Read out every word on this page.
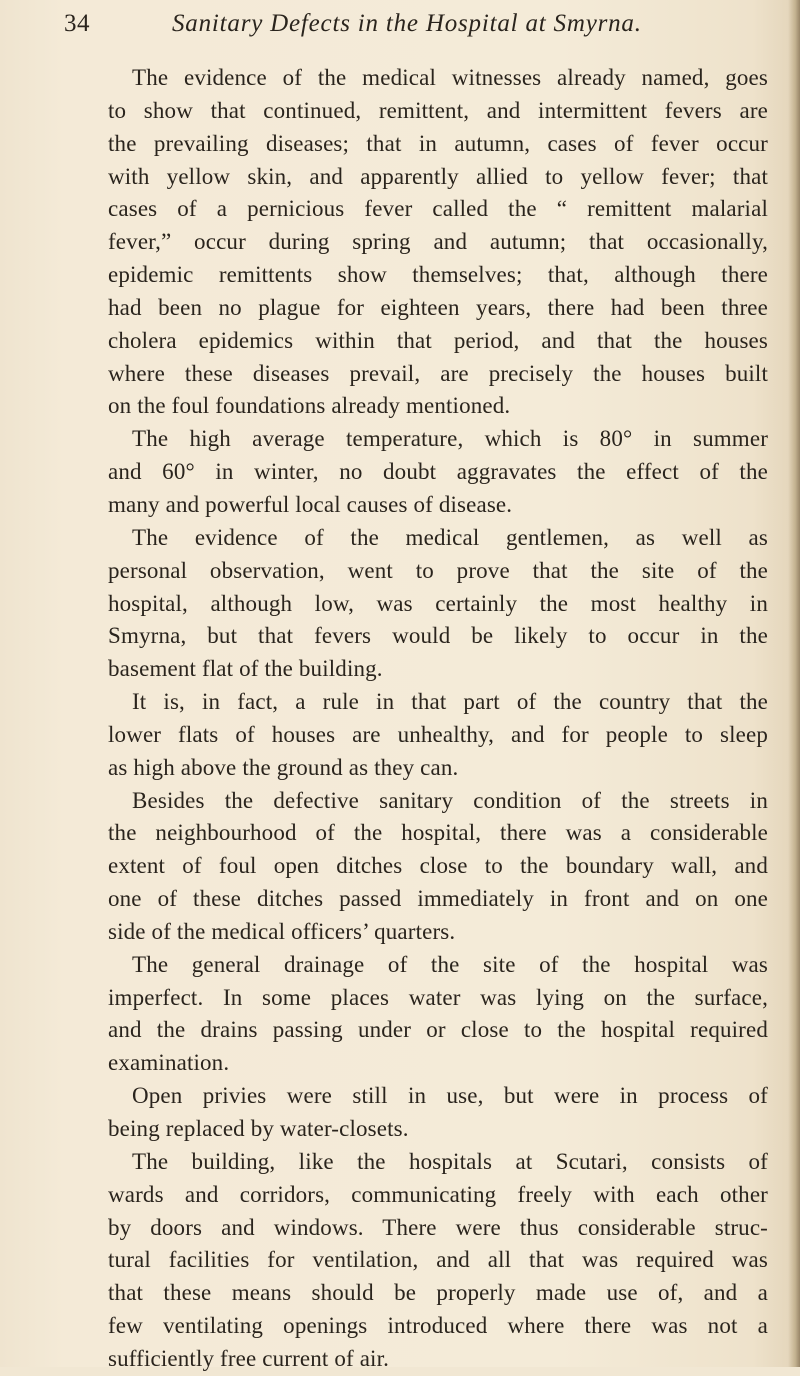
34	Sanitary Defects in the Hospital at Smyrna.
The evidence of the medical witnesses already named, goes
to show that continued, remittent, and intermittent fevers are
the prevailing diseases; that in autumn, cases of fever occur
with yellow skin, and apparently allied to yellow fever; that
cases of a pernicious fever called the “ remittent malarial
fever,” occur during spring and autumn; that occasionally,
epidemic remittents show themselves; that, although there
had been no plague for eighteen years, there had been three
cholera epidemics within that period, and that the houses
where these diseases prevail, are precisely the houses built
on the foul foundations already mentioned.
The high average temperature, which is 80° in summer
and 60° in winter, no doubt aggravates the effect of the
many and powerful local causes of disease.
The evidence of the medical gentlemen, as well as
personal observation, went to prove that the site of the
hospital, although low, was certainly the most healthy in
Smyrna, but that fevers would be likely to occur in the
basement flat of the building.
It is, in fact, a rule in that part of the country that the
lower flats of houses are unhealthy, and for people to sleep
as high above the ground as they can.
Besides the defective sanitary condition of the streets in
the neighbourhood of the hospital, there was a considerable
extent of foul open ditches close to the boundary wall, and
one of these ditches passed immediately in front and on one
side of the medical officers’ quarters.
The general drainage of the site of the hospital was
imperfect. In some places water was lying on the surface,
and the drains passing under or close to the hospital required
examination.
Open privies were still in use, but were in process of
being replaced by water-closets.
The building, like the hospitals at Scutari, consists of
wards and corridors, communicating freely with each other
by doors and windows. There were thus considerable struc-
tural facilities for ventilation, and all that was required was
that these means should be properly made use of, and a
few ventilating openings introduced where there was not a
sufficiently free current of air.
